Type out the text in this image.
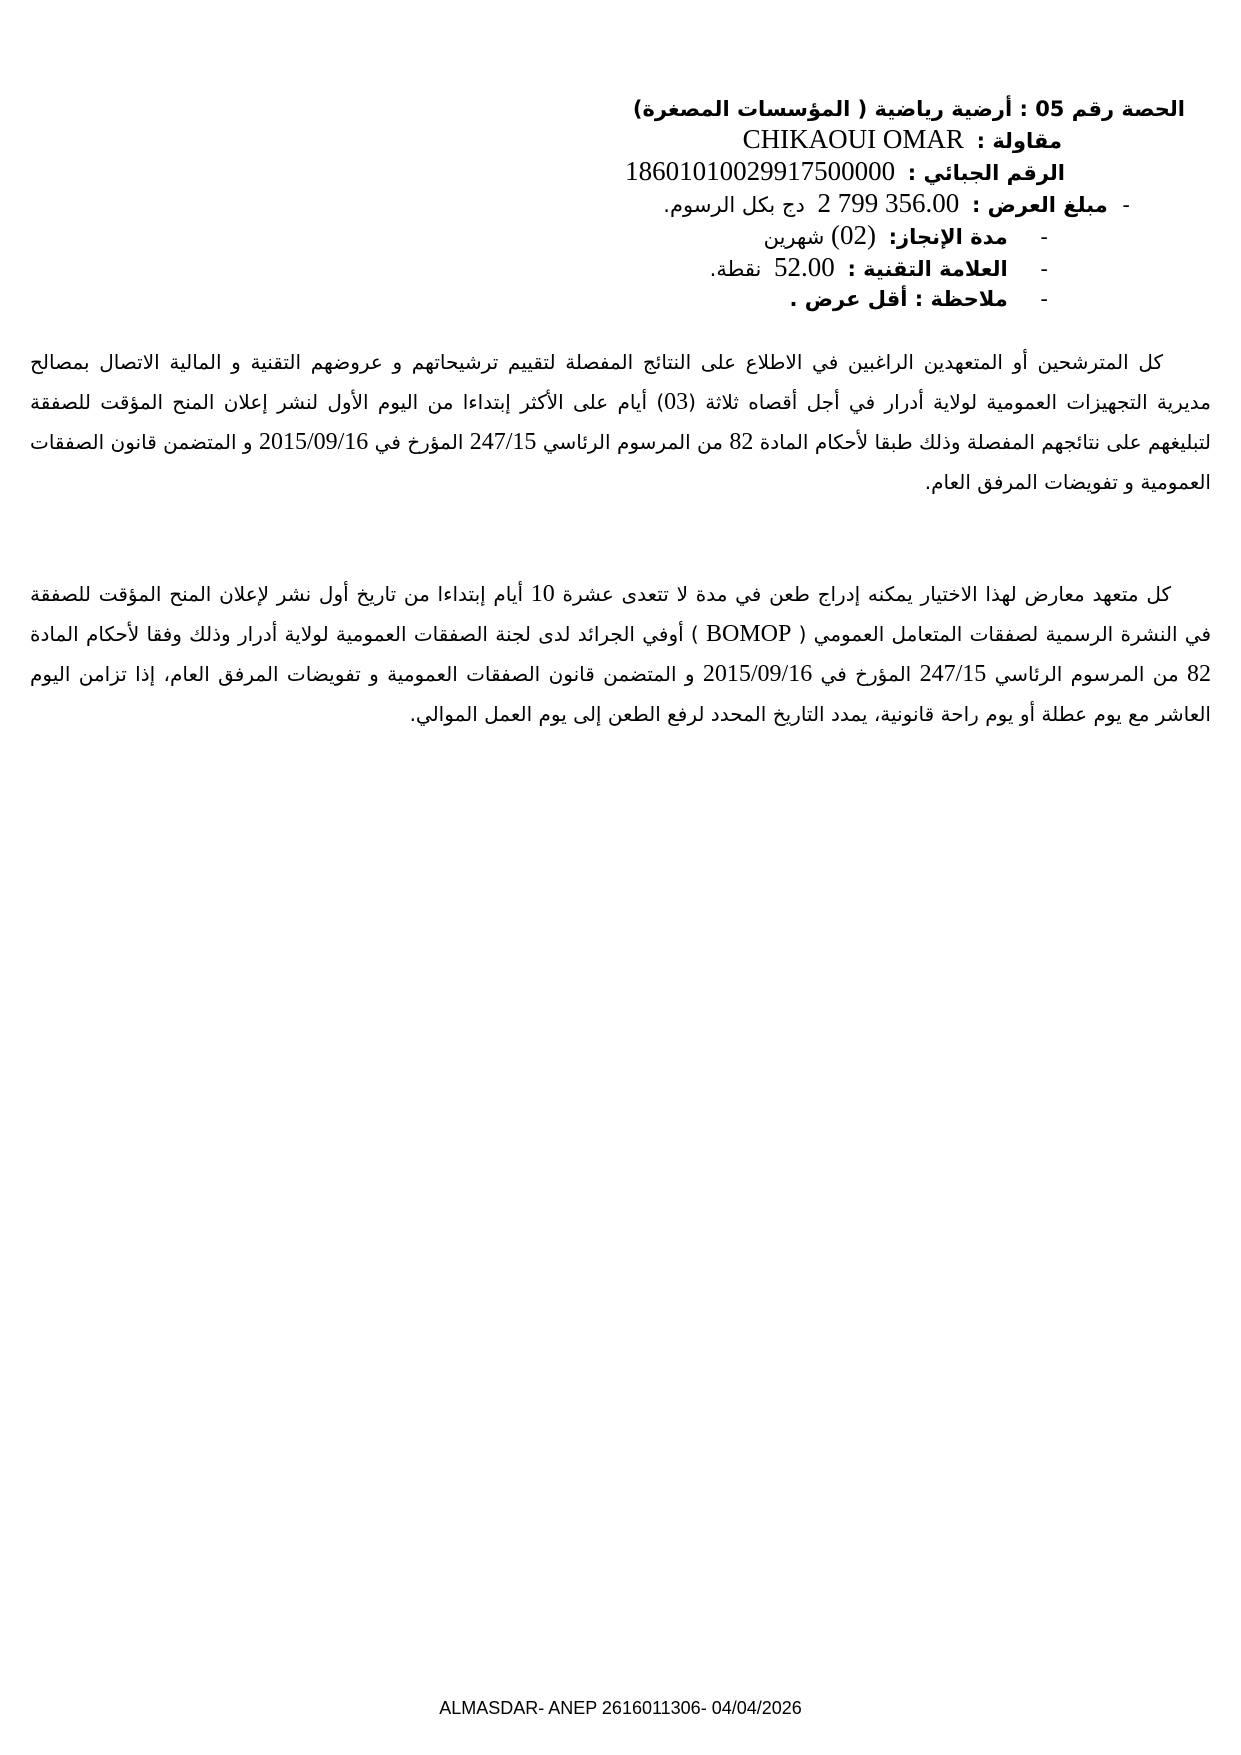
الحصة رقم 05 : أرضية رياضية ( المؤسسات المصغرة)
مقاولة : CHIKAOUI OMAR
الرقم الجبائي : 18601010029917500000
- مبلغ العرض : 2 799 356.00 دج بكل الرسوم.
- مدة الإنجاز: (02) شهرين
- العلامة التقنية : 52.00 نقطة.
- ملاحظة : أقل عرض .

كل المترشحين أو المتعهدين الراغبين في الاطلاع على النتائج المفصلة لتقييم ترشيحاتهم و عروضهم التقنية و المالية الاتصال بمصالح مديرية التجهيزات العمومية لولاية أدرار في أجل أقصاه ثلاثة (03) أيام على الأكثر إبتداءا من اليوم الأول لنشر إعلان المنح المؤقت للصفقة لتبليغهم على نتائجهم المفصلة وذلك طبقا لأحكام المادة 82 من المرسوم الرئاسي 247/15 المؤرخ في 2015/09/16 و المتضمن قانون الصفقات العمومية و تفويضات المرفق العام.

كل متعهد معارض لهذا الاختيار يمكنه إدراج طعن في مدة لا تتعدى عشرة 10 أيام إبتداءا من تاريخ أول نشر لإعلان المنح المؤقت للصفقة في النشرة الرسمية لصفقات المتعامل العمومي ( BOMOP ) أوفي الجرائد لدى لجنة الصفقات العمومية لولاية أدرار وذلك وفقا لأحكام المادة 82 من المرسوم الرئاسي 247/15 المؤرخ في 2015/09/16 و المتضمن قانون الصفقات العمومية و تفويضات المرفق العام، إذا تزامن اليوم العاشر مع يوم عطلة أو يوم راحة قانونية، يمدد التاريخ المحدد لرفع الطعن إلى يوم العمل الموالي.

ALMASDAR- ANEP 2616011306- 04/04/2026
